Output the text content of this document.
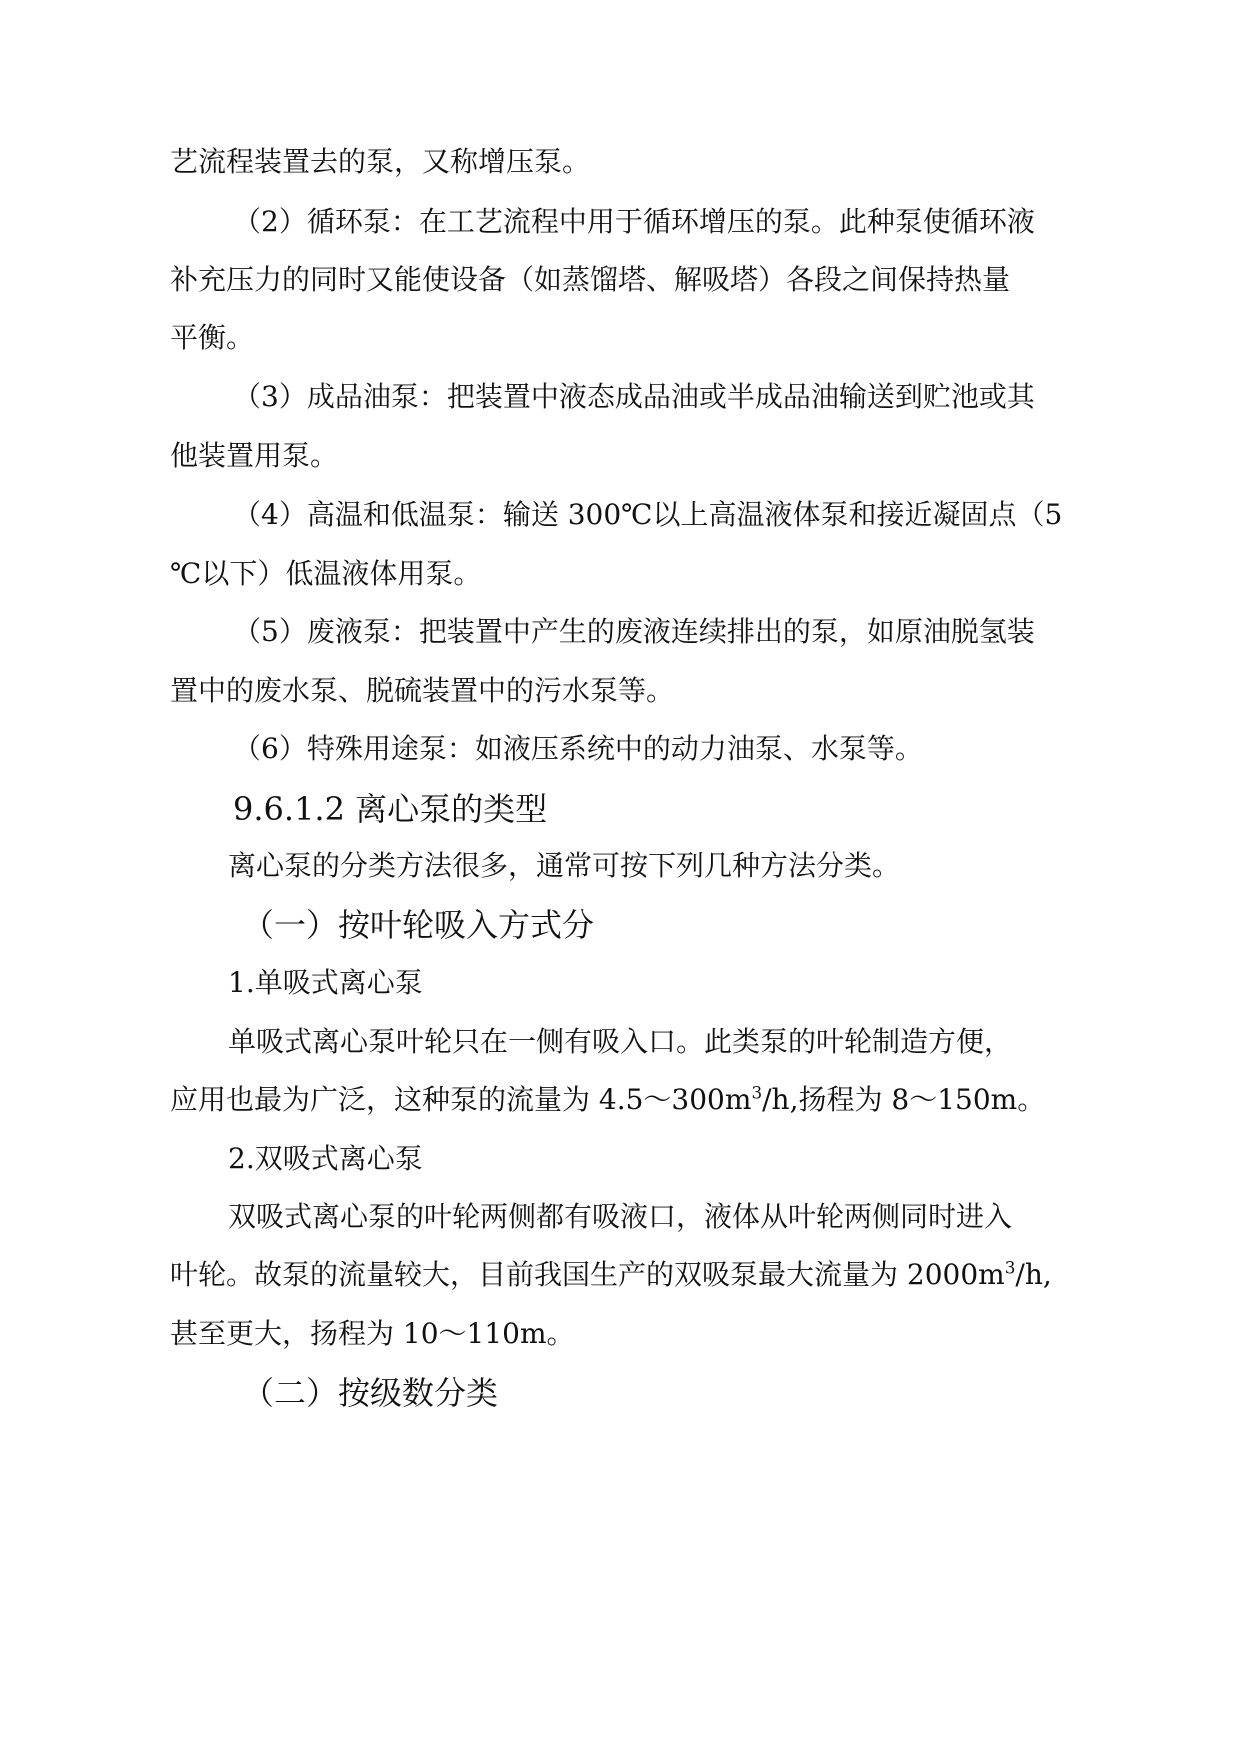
艺流程装置去的泵，又称增压泵。

（2）循环泵：在工艺流程中用于循环增压的泵。此种泵使循环液

补充压力的同时又能使设备（如蒸馏塔、解吸塔）各段之间保持热量

平衡。

（3）成品油泵：把装置中液态成品油或半成品油输送到贮池或其

他装置用泵。

（4）高温和低温泵：输送 300℃以上高温液体泵和接近凝固点（5

℃以下）低温液体用泵。

（5）废液泵：把装置中产生的废液连续排出的泵，如原油脱氢装

置中的废水泵、脱硫装置中的污水泵等。

（6）特殊用途泵：如液压系统中的动力油泵、水泵等。

9.6.1.2 离心泵的类型

离心泵的分类方法很多，通常可按下列几种方法分类。

（一）按叶轮吸入方式分

1.单吸式离心泵

单吸式离心泵叶轮只在一侧有吸入口。此类泵的叶轮制造方便，

应用也最为广泛，这种泵的流量为 $4.5\sim 300m^3/h$,扬程为 8～150m。

2.双吸式离心泵

双吸式离心泵的叶轮两侧都有吸液口，液体从叶轮两侧同时进入

叶轮。故泵的流量较大，目前我国生产的双吸泵最大流量为 $2000m^3/h$,

甚至更大，扬程为 10～110m。

（二）按级数分类
